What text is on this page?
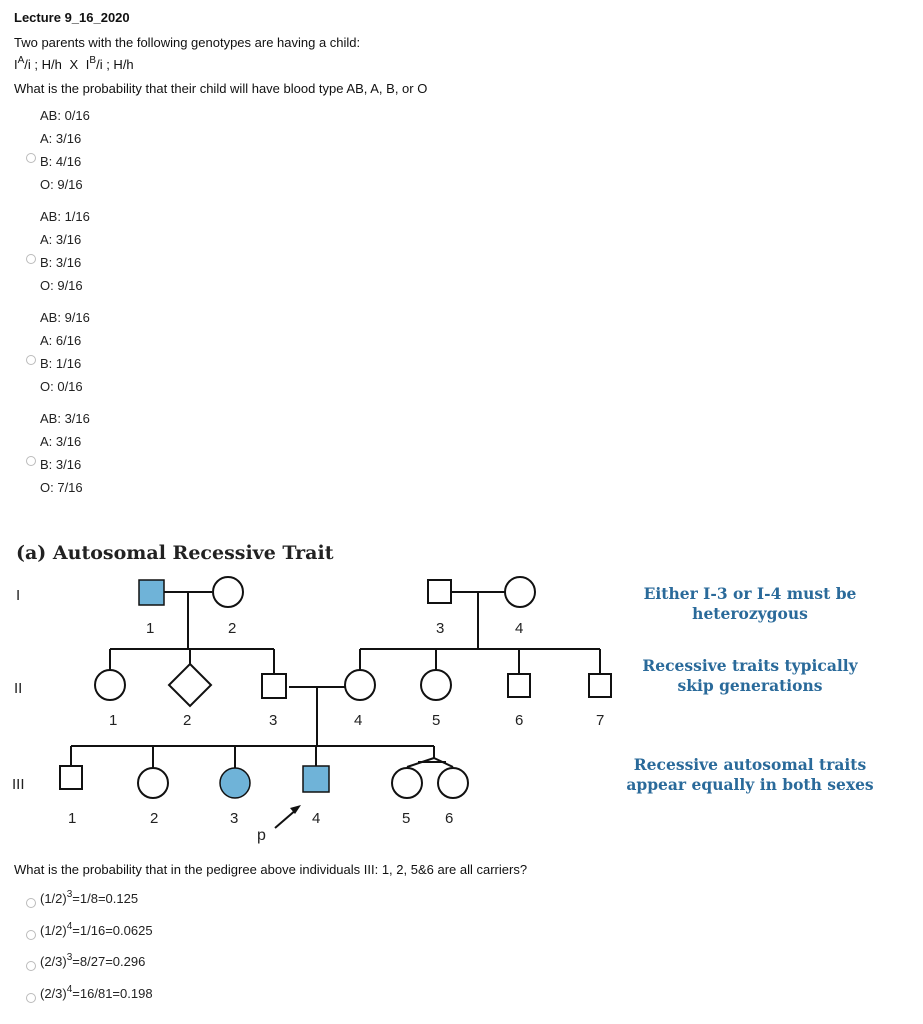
Lecture 9_16_2020
Two parents with the following genotypes are having a child:
$I^A/i$ ; H/h X $I^B/i$ ; H/h
What is the probability that their child will have blood type AB, A, B, or O
AB: 0/16
A: 3/16
B: 4/16
O: 9/16
AB: 1/16
A: 3/16
B: 3/16
O: 9/16
AB: 9/16
A: 6/16
B: 1/16
O: 0/16
AB: 3/16
A: 3/16
B: 3/16
O: 7/16
(a) Autosomal Recessive Trait
I
II
III
1	2	3	4
1	2	3	4	5	6	7
1	2	3	4	5 6
p
Either I-3 or I-4 must be
heterozygous
Recessive traits typically
skip generations
Recessive autosomal traits
appear equally in both sexes
What is the probability that in the pedigree above individuals III: 1, 2, 5&6 are all carriers?
$(1/2)^3=1/8=0.125$
$(1/2)^4=1/16=0.0625$
$(2/3)^3=8/27=0.296$
$(2/3)^4=16/81=0.198$
